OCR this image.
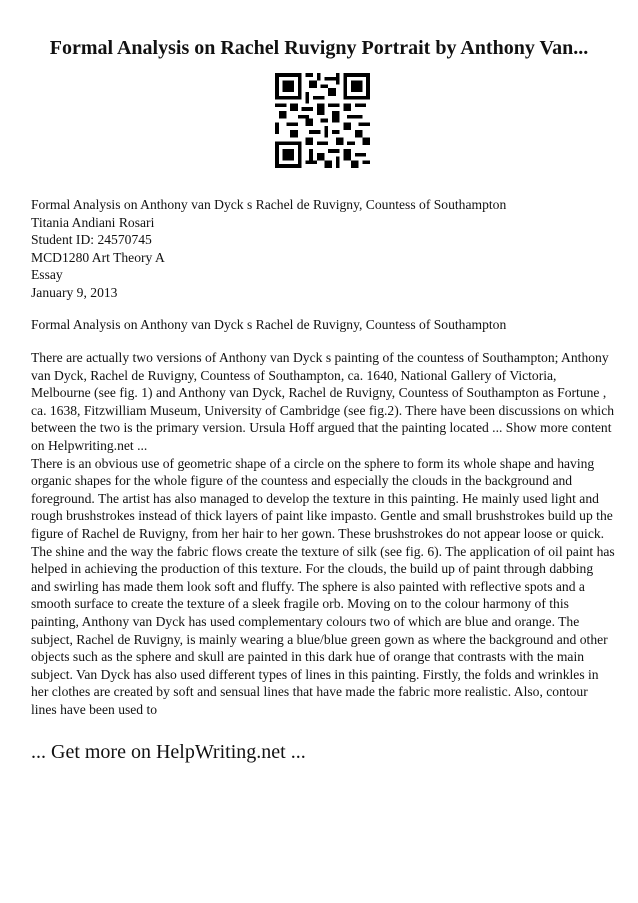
Formal Analysis on Rachel Ruvigny Portrait by Anthony Van...
Formal Analysis on Anthony van Dyck s Rachel de Ruvigny, Countess of Southampton
Titania Andiani Rosari
Student ID: 24570745
MCD1280 Art Theory A
Essay
January 9, 2013
Formal Analysis on Anthony van Dyck s Rachel de Ruvigny, Countess of Southampton

There are actually two versions of Anthony van Dyck s painting of the countess of Southampton; Anthony van Dyck, Rachel de Ruvigny, Countess of Southampton, ca. 1640, National Gallery of Victoria, Melbourne (see fig. 1) and Anthony van Dyck, Rachel de Ruvigny, Countess of Southampton as Fortune , ca. 1638, Fitzwilliam Museum, University of Cambridge (see fig.2). There have been discussions on which between the two is the primary version. Ursula Hoff argued that the painting located ... Show more content on Helpwriting.net ...

There is an obvious use of geometric shape of a circle on the sphere to form its whole shape and having organic shapes for the whole figure of the countess and especially the clouds in the background and foreground. The artist has also managed to develop the texture in this painting. He mainly used light and rough brushstrokes instead of thick layers of paint like impasto. Gentle and small brushstrokes build up the figure of Rachel de Ruvigny, from her hair to her gown. These brushstrokes do not appear loose or quick. The shine and the way the fabric flows create the texture of silk (see fig. 6). The application of oil paint has helped in achieving the production of this texture. For the clouds, the build up of paint through dabbing and swirling has made them look soft and fluffy. The sphere is also painted with reflective spots and a smooth surface to create the texture of a sleek fragile orb. Moving on to the colour harmony of this painting, Anthony van Dyck has used complementary colours two of which are blue and orange. The subject, Rachel de Ruvigny, is mainly wearing a blue/blue green gown as where the background and other objects such as the sphere and skull are painted in this dark hue of orange that contrasts with the main subject. Van Dyck has also used different types of lines in this painting. Firstly, the folds and wrinkles in her clothes are created by soft and sensual lines that have made the fabric more realistic. Also, contour lines have been used to

... Get more on HelpWriting.net ...
